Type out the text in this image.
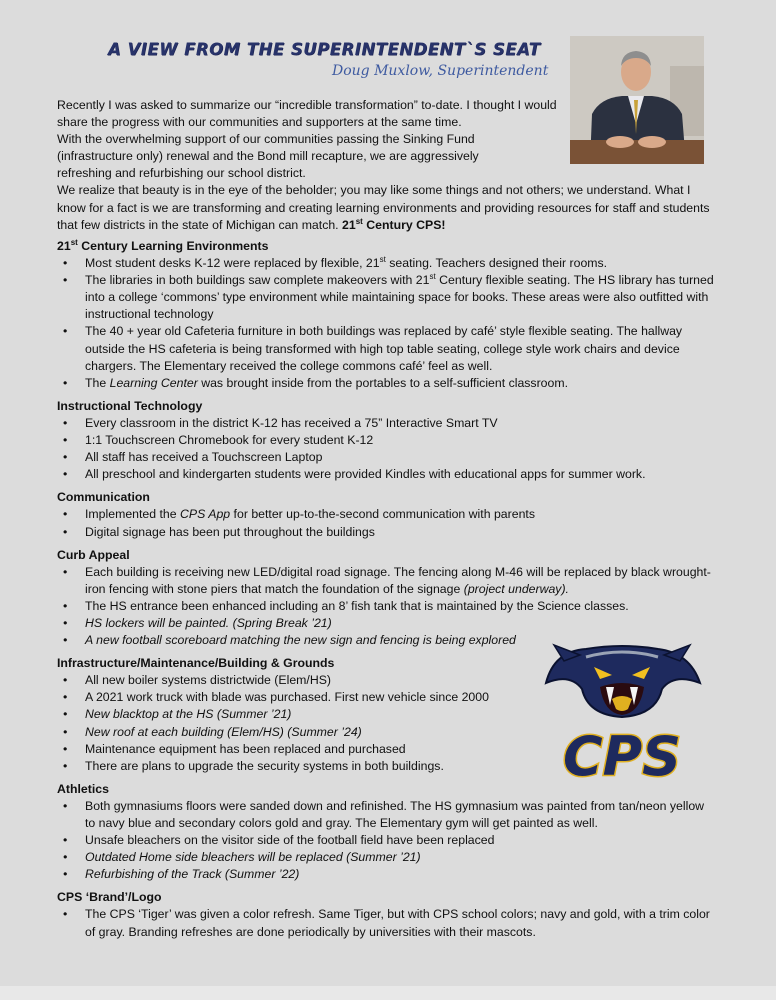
A VIEW FROM THE SUPERINTENDENT`S SEAT
Doug Muxlow, Superintendent

Recently I was asked to summarize our “incredible transformation” to-date. I thought I would share the progress with our communities and supporters at the same time.

With the overwhelming support of our communities passing the Sinking Fund (infrastructure only) renewal and the Bond mill recapture, we are aggressively refreshing and refurbishing our school district.

We realize that beauty is in the eye of the beholder; you may like some things and not others; we understand. What I know for a fact is we are transforming and creating learning environments and providing resources for staff and students that few districts in the state of Michigan can match. 21st Century CPS!

21st Century Learning Environments
• Most student desks K-12 were replaced by flexible, 21st seating. Teachers designed their rooms.
• The libraries in both buildings saw complete makeovers with 21st Century flexible seating. The HS library has turned into a college ‘commons’ type environment while maintaining space for books. These areas were also outfitted with instructional technology
• The 40 + year old Cafeteria furniture in both buildings was replaced by café’ style flexible seating. The hallway outside the HS cafeteria is being transformed with high top table seating, college style work chairs and device chargers. The Elementary received the college commons café’ feel as well.
• The Learning Center was brought inside from the portables to a self-sufficient classroom.
Instructional Technology
• Every classroom in the district K-12 has received a 75” Interactive Smart TV
• 1:1 Touchscreen Chromebook for every student K-12
• All staff has received a Touchscreen Laptop
• All preschool and kindergarten students were provided Kindles with educational apps for summer work.
Communication
• Implemented the CPS App for better up-to-the-second communication with parents
• Digital signage has been put throughout the buildings
Curb Appeal
• Each building is receiving new LED/digital road signage. The fencing along M-46 will be replaced by black wrought-iron fencing with stone piers that match the foundation of the signage (project underway).
• The HS entrance been enhanced including an 8’ fish tank that is maintained by the Science classes.
• HS lockers will be painted. (Spring Break ’21)
• A new football scoreboard matching the new sign and fencing is being explored
Infrastructure/Maintenance/Building & Grounds
• All new boiler systems districtwide (Elem/HS)
• A 2021 work truck with blade was purchased. First new vehicle since 2000
• New blacktop at the HS (Summer ’21)
• New roof at each building (Elem/HS) (Summer ’24)
• Maintenance equipment has been replaced and purchased
• There are plans to upgrade the security systems in both buildings.
Athletics
• Both gymnasiums floors were sanded down and refinished. The HS gymnasium was painted from tan/neon yellow to navy blue and secondary colors gold and gray. The Elementary gym will get painted as well.
• Unsafe bleachers on the visitor side of the football field have been replaced
• Outdated Home side bleachers will be replaced (Summer ’21)
• Refurbishing of the Track (Summer ’22)
CPS ‘Brand’/Logo
• The CPS ‘Tiger’ was given a color refresh. Same Tiger, but with CPS school colors; navy and gold, with a trim color of gray. Branding refreshes are done periodically by universities with their mascots.
CPS
